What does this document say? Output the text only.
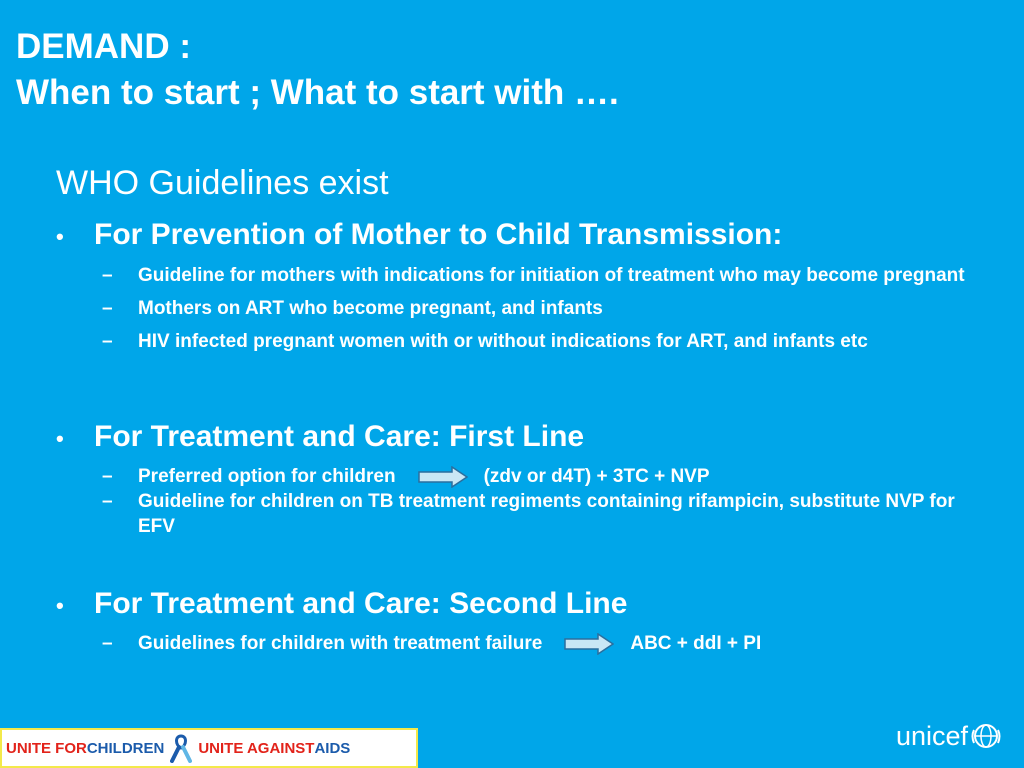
DEMAND :
When to start ; What to start with ….
WHO Guidelines exist
•	For Prevention of Mother to Child Transmission:
–	Guideline for mothers with indications for initiation of treatment who may become pregnant
–	Mothers on ART who become pregnant, and infants
–	HIV infected pregnant women with or without indications for ART, and infants etc
•	For Treatment and Care: First Line
–	Preferred option for children	(zdv or d4T) + 3TC + NVP
–	Guideline for children on TB treatment regiments containing rifampicin, substitute NVP for EFV
•	For Treatment and Care: Second Line
–	Guidelines for children with treatment failure	ABC + ddI + PI
UNITE FOR CHILDREN UNITE AGAINST AIDS	unicef
